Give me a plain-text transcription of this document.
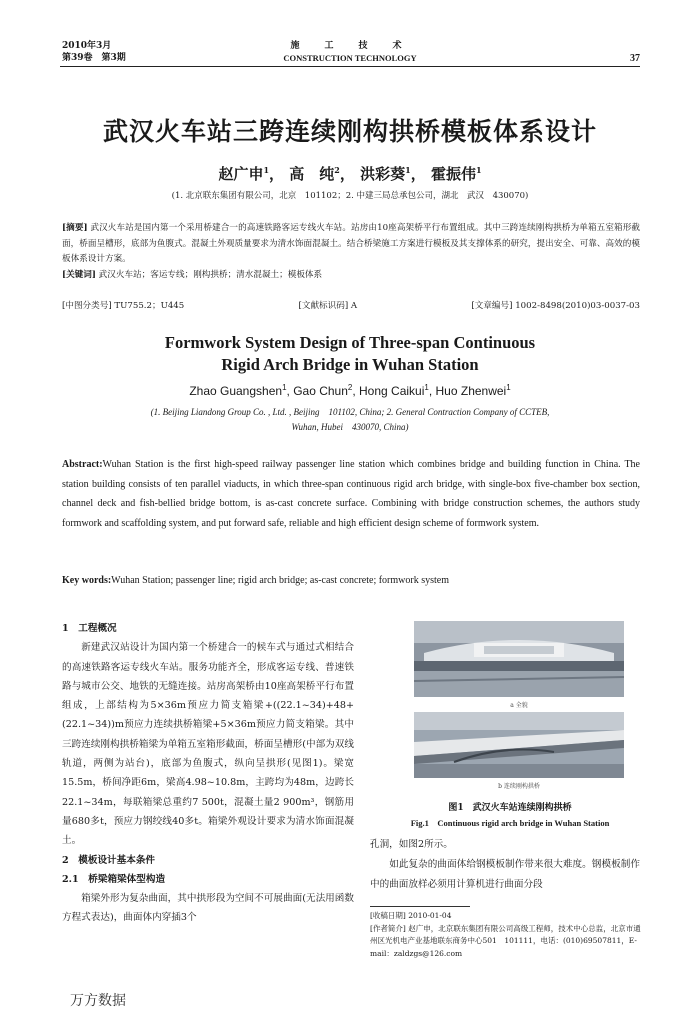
2010年3月
第39卷　第3期
施　工　技　术
CONSTRUCTION TECHNOLOGY	37
武汉火车站三跨连续刚构拱桥模板体系设计
赵广申$^1$， 高　纯$^2$， 洪彩葵$^1$， 霍振伟$^1$
(1. 北京联东集团有限公司，北京　101102；2. 中建三局总承包公司，湖北　武汉　430070)
[摘要] 武汉火车站是国内第一个采用桥建合一的高速铁路客运专线火车站。站房由10座高架桥平行布置组成。其中三跨连续刚构拱桥为单箱五室箱形截面，桥面呈槽形，底部为鱼腹式。混凝土外观质量要求为清水饰面混凝土。结合桥梁施工方案进行模板及其支撑体系的研究，提出安全、可靠、高效的模板体系设计方案。
[关键词] 武汉火车站；客运专线；刚构拱桥；清水混凝土；模板体系
[中图分类号] TU755.2；U445	[文献标识码] A	[文章编号] 1002-8498(2010)03-0037-03
Formwork System Design of Three-span Continuous
Rigid Arch Bridge in Wuhan Station
Zhao Guangshen$^1$, Gao Chun$^2$, Hong Caikui$^1$, Huo Zhenwei$^1$
(1. Beijing Liandong Group Co. , Ltd. , Beijing　101102, China; 2. General Contraction Company of CCTEB,
Wuhan, Hubei　430070, China)
Abstract:Wuhan Station is the first high-speed railway passenger line station which combines bridge and building function in China. The station building consists of ten parallel viaducts, in which three-span continuous rigid arch bridge, with single-box five-chamber box section, channel deck and fish-bellied bridge bottom, is as-cast concrete surface. Combining with bridge construction schemes, the authors study formwork and scaffolding system, and put forward safe, reliable and high efficient design scheme of formwork system.
Key words:Wuhan Station; passenger line; rigid arch bridge; as-cast concrete; formwork system
1　工程概况

新建武汉站设计为国内第一个桥建合一的候车式与通过式相结合的高速铁路客运专线火车站。服务功能齐全，形成客运专线、普速铁路与城市公交、地铁的无缝连接。站房高架桥由10座高架桥平行布置组成，上部结构为5×36m预应力简支箱梁+((22.1~34)+48+(22.1~34))m预应力连续拱桥箱梁+5×36m预应力简支箱梁。其中三跨连续刚构拱桥箱梁为单箱五室箱形截面，桥面呈槽形(中部为双线轨道，两侧为站台)，底部为鱼腹式，纵向呈拱形(见图1)。梁宽15.5m，桥间净距6m，梁高4.98~10.8m，主跨均为48m，边跨长22.1~34m，每联箱梁总重约7 500t，混凝土量2 900m³，钢筋用量680多t，预应力钢绞线40多t。箱梁外观设计要求为清水饰面混凝土。

2　模板设计基本条件
2.1　桥梁箱梁体型构造

箱梁外形为复杂曲面，其中拱形段为空间不可展曲面(无法用函数方程式表达)，曲面体内穿插3个

a 全貌
b 连续刚构拱桥
图1　武汉火车站连续刚构拱桥
Fig.1　Continuous rigid arch bridge in Wuhan Station

孔洞，如图2所示。

如此复杂的曲面体给钢模板制作带来很大难度。钢模板制作中的曲面放样必须用计算机进行曲面分段

[收稿日期] 2010-01-04
[作者简介] 赵广申，北京联东集团有限公司高级工程师，技术中心总监，北京市通州区光机电产业基地联东商务中心501　101111，电话：(010)69507811，E-mail：zaldzgs@126.com
万方数据
